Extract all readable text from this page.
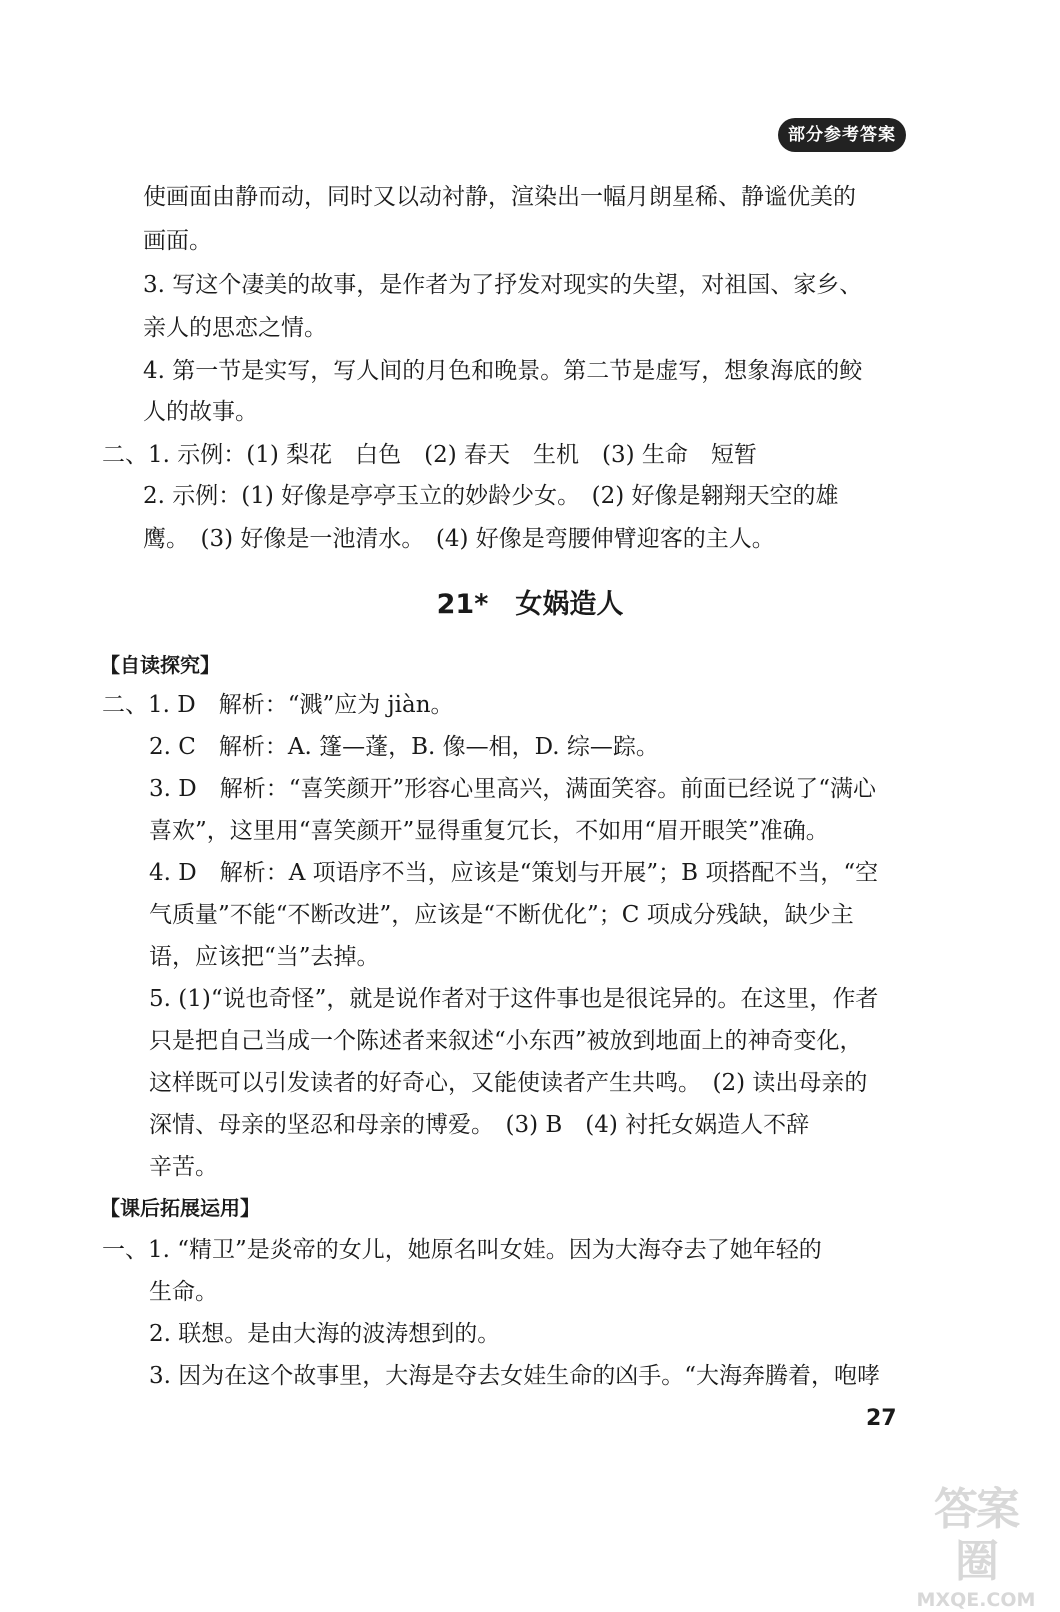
部分参考答案
使画面由静而动，同时又以动衬静，渲染出一幅月朗星稀、静谧优美的
画面。
3. 写这个凄美的故事，是作者为了抒发对现实的失望，对祖国、家乡、
亲人的思恋之情。
4. 第一节是实写，写人间的月色和晚景。第二节是虚写，想象海底的鲛
人的故事。
二、1. 示例：(1) 梨花　白色　(2) 春天　生机　(3) 生命　短暂
2. 示例：(1) 好像是亭亭玉立的妙龄少女。　(2) 好像是翱翔天空的雄
鹰。　(3) 好像是一池清水。　(4) 好像是弯腰伸臂迎客的主人。
21*　女娲造人
【自读探究】
二、1. D　解析：“溅”应为 jiàn。
2. C　解析：A. 篷—蓬，B. 像—相，D. 综—踪。
3. D　解析：“喜笑颜开”形容心里高兴，满面笑容。前面已经说了“满心
喜欢”，这里用“喜笑颜开”显得重复冗长，不如用“眉开眼笑”准确。
4. D　解析：A 项语序不当，应该是“策划与开展”；B 项搭配不当，“空
气质量”不能“不断改进”，应该是“不断优化”；C 项成分残缺，缺少主
语，应该把“当”去掉。
5. (1)“说也奇怪”，就是说作者对于这件事也是很诧异的。在这里，作者
只是把自己当成一个陈述者来叙述“小东西”被放到地面上的神奇变化，
这样既可以引发读者的好奇心，又能使读者产生共鸣。　(2) 读出母亲的
深情、母亲的坚忍和母亲的博爱。　(3) B　(4) 衬托女娲造人不辞
辛苦。
【课后拓展运用】
一、1. “精卫”是炎帝的女儿，她原名叫女娃。因为大海夺去了她年轻的
生命。
2. 联想。是由大海的波涛想到的。
3. 因为在这个故事里，大海是夺去女娃生命的凶手。“大海奔腾着，咆哮
27
答案圈
MXQE.COM
